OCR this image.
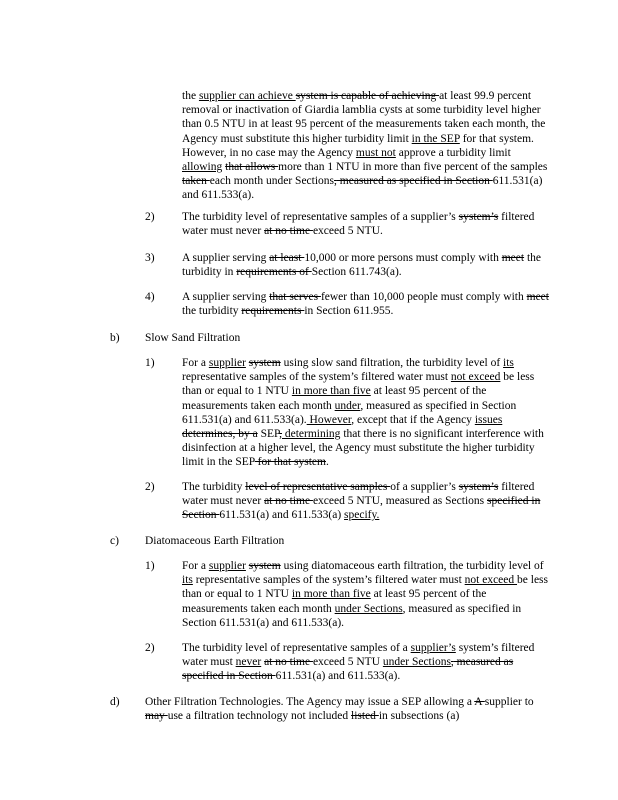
the supplier can achieve system is capable of achieving at least 99.9 percent removal or inactivation of Giardia lamblia cysts at some turbidity level higher than 0.5 NTU in at least 95 percent of the measurements taken each month, the Agency must substitute this higher turbidity limit in the SEP for that system. However, in no case may the Agency must not approve a turbidity limit allowing that allows more than 1 NTU in more than five percent of the samples taken each month under Sections, measured as specified in Section 611.531(a) and 611.533(a).

2) The turbidity level of representative samples of a supplier’s system’s filtered water must never at no time exceed 5 NTU.

3) A supplier serving at least 10,000 or more persons must comply with meet the turbidity in requirements of Section 611.743(a).

4) A supplier serving that serves fewer than 10,000 people must comply with meet the turbidity requirements in Section 611.955.

b) Slow Sand Filtration
1) For a supplier system using slow sand filtration, the turbidity level of its representative samples of the system’s filtered water must not exceed be less than or equal to 1 NTU in more than five at least 95 percent of the measurements taken each month under, measured as specified in Section 611.531(a) and 611.533(a). However, except that if the Agency issues determines, by a SEP, determining that there is no significant interference with disinfection at a higher level, the Agency must substitute the higher turbidity limit in the SEP for that system.

2) The turbidity level of representative samples of a supplier’s system’s filtered water must never at no time exceed 5 NTU, measured as Sections specified in Section 611.531(a) and 611.533(a) specify.

c) Diatomaceous Earth Filtration
1) For a supplier system using diatomaceous earth filtration, the turbidity level of its representative samples of the system’s filtered water must not exceed be less than or equal to 1 NTU in more than five at least 95 percent of the measurements taken each month under Sections, measured as specified in Section 611.531(a) and 611.533(a).

2) The turbidity level of representative samples of a supplier’s system’s filtered water must never at no time exceed 5 NTU under Sections, measured as specified in Section 611.531(a) and 611.533(a).

d) Other Filtration Technologies. The Agency may issue a SEP allowing a A supplier to may use a filtration technology not included listed in subsections (a)
